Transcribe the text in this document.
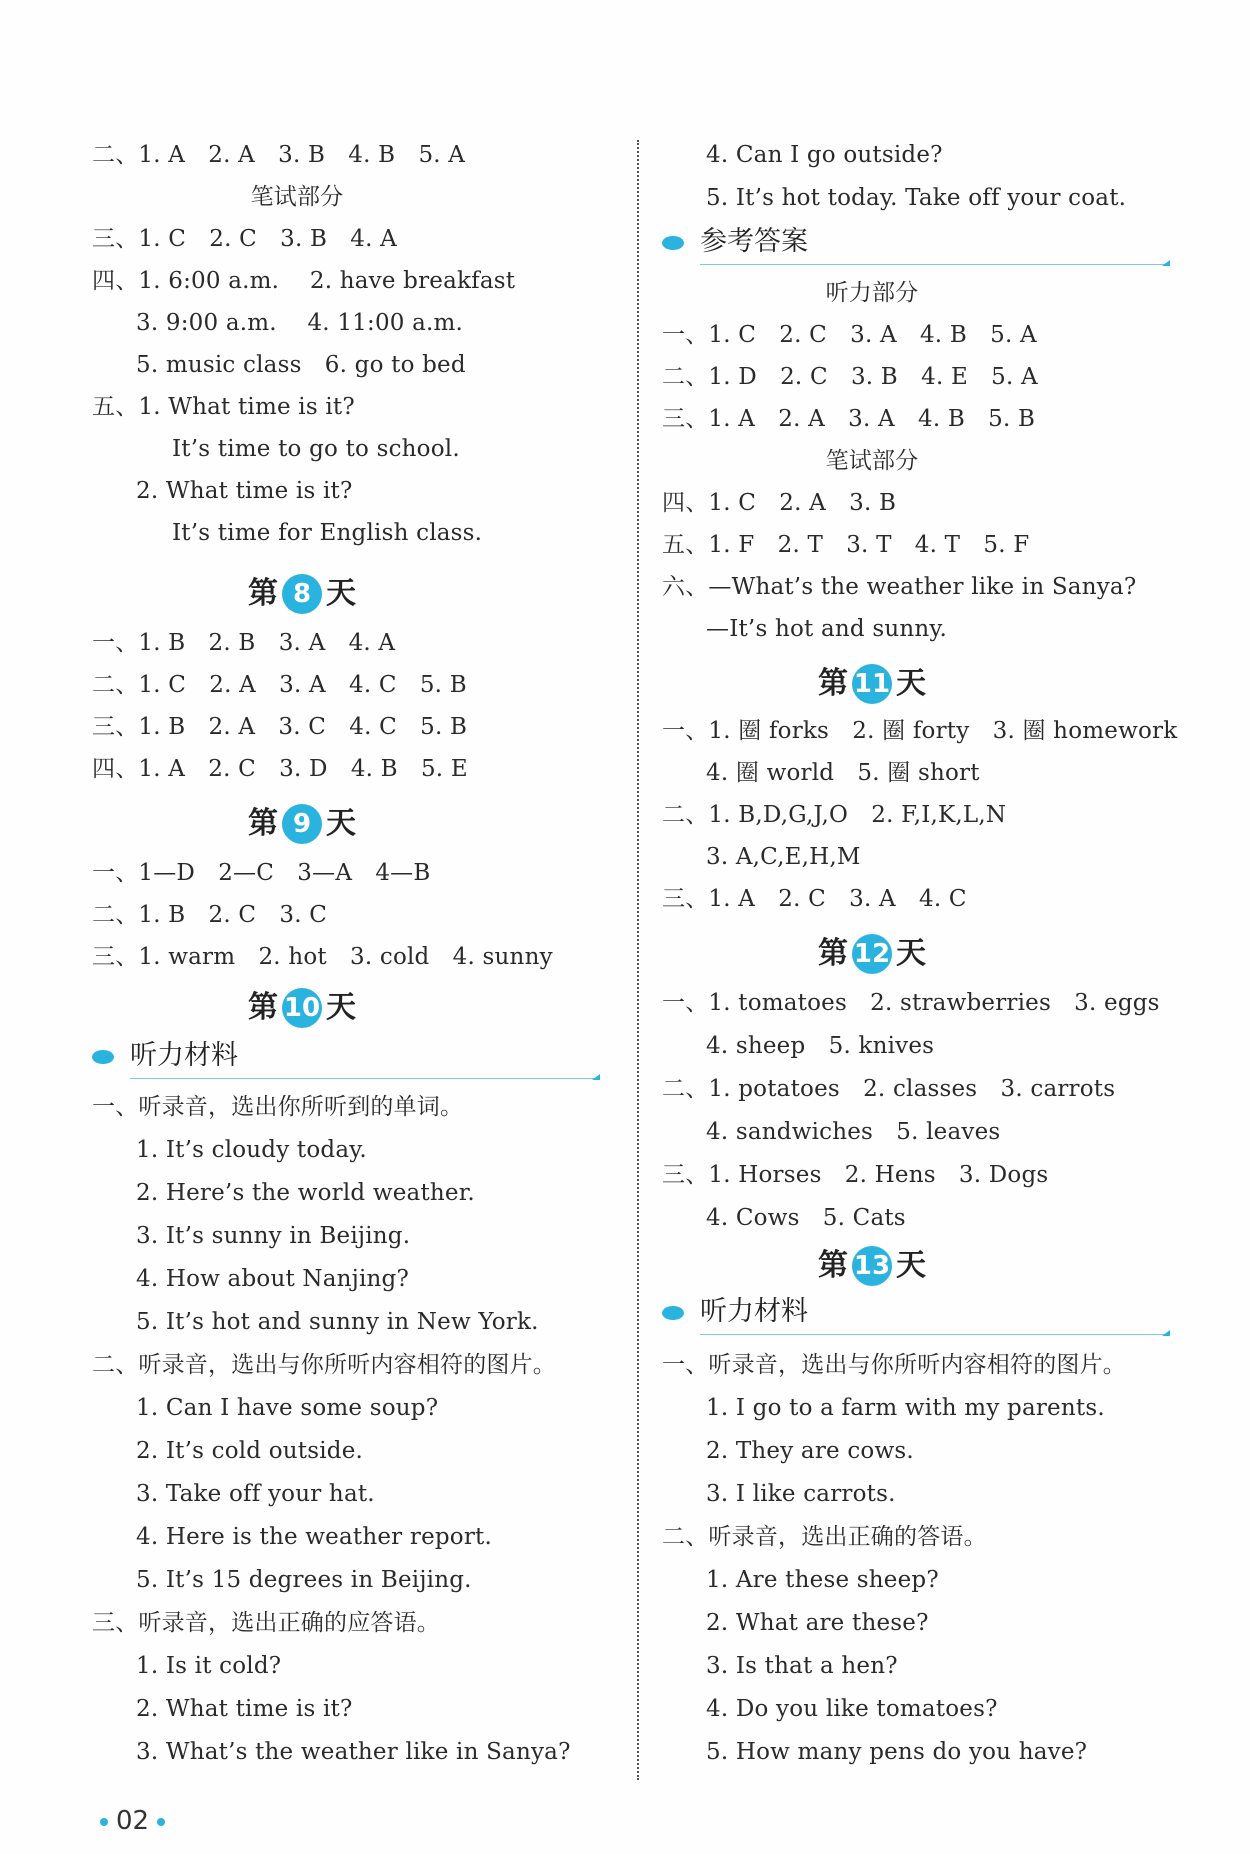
二、1. A　2. A　3. B　4. B　5. A
笔试部分
三、1. C　2. C　3. B　4. A
四、1. 6:00 a.m.　 2. have breakfast
3. 9:00 a.m.　 4. 11:00 a.m.
5. music class　6. go to bed
五、1. What time is it?
It’s time to go to school.
2. What time is it?
It’s time for English class.
第 8 天
一、1. B　2. B　3. A　4. A
二、1. C　2. A　3. A　4. C　5. B
三、1. B　2. A　3. C　4. C　5. B
四、1. A　2. C　3. D　4. B　5. E
第 9 天
一、1—D　2—C　3—A　4—B
二、1. B　2. C　3. C
三、1. warm　2. hot　3. cold　4. sunny
第 10 天
听力材料
一、听录音，选出你所听到的单词。
1. It’s cloudy today.
2. Here’s the world weather.
3. It’s sunny in Beijing.
4. How about Nanjing?
5. It’s hot and sunny in New York.
二、听录音，选出与你所听内容相符的图片。
1. Can I have some soup?
2. It’s cold outside.
3. Take off your hat.
4. Here is the weather report.
5. It’s 15 degrees in Beijing.
三、听录音，选出正确的应答语。
1. Is it cold?
2. What time is it?
3. What’s the weather like in Sanya?
4. Can I go outside?
5. It’s hot today. Take off your coat.
参考答案
听力部分
一、1. C　2. C　3. A　4. B　5. A
二、1. D　2. C　3. B　4. E　5. A
三、1. A　2. A　3. A　4. B　5. B
笔试部分
四、1. C　2. A　3. B
五、1. F　2. T　3. T　4. T　5. F
六、—What’s the weather like in Sanya?
—It’s hot and sunny.
第 11 天
一、1. 圈 forks　2. 圈 forty　3. 圈 homework
4. 圈 world　5. 圈 short
二、1. B,D,G,J,O　2. F,I,K,L,N
3. A,C,E,H,M
三、1. A　2. C　3. A　4. C
第 12 天
一、1. tomatoes　2. strawberries　3. eggs
4. sheep　5. knives
二、1. potatoes　2. classes　3. carrots
4. sandwiches　5. leaves
三、1. Horses　2. Hens　3. Dogs
4. Cows　5. Cats
第 13 天
听力材料
一、听录音，选出与你所听内容相符的图片。
1. I go to a farm with my parents.
2. They are cows.
3. I like carrots.
二、听录音，选出正确的答语。
1. Are these sheep?
2. What are these?
3. Is that a hen?
4. Do you like tomatoes?
5. How many pens do you have?
02
